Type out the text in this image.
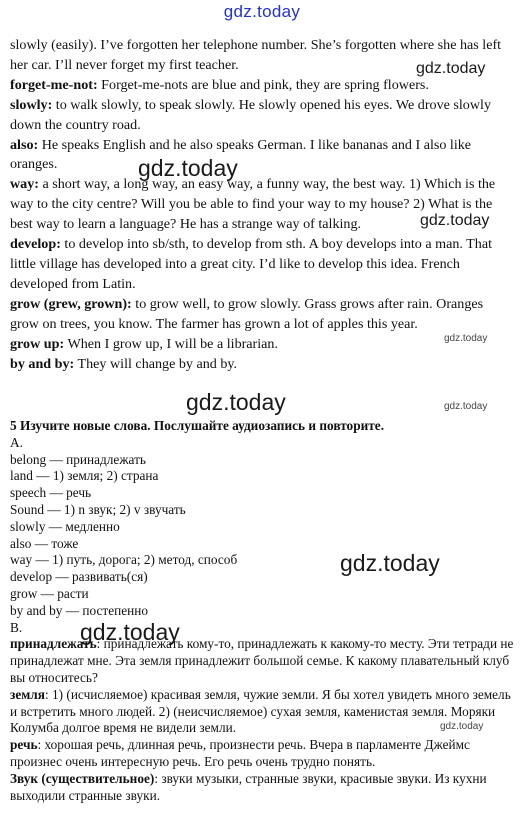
gdz.today
gdz.today
gdz.today
gdz.today
gdz.today
gdz.today	gdz.today
gdz.today
gdz.today
gdz.today

slowly (easily). I’ve forgotten her telephone number. She’s forgotten where she has left her car. I’ll never forget my first teacher.

forget-me-not: Forget-me-nots are blue and pink, they are spring flowers.

slowly: to walk slowly, to speak slowly. He slowly opened his eyes. We drove slowly down the country road.

also: He speaks English and he also speaks German. I like bananas and I also like oranges.

way: a short way, a long way, an easy way, a funny way, the best way. 1) Which is the way to the city centre? Will you be able to find your way to my house? 2) What is the best way to learn a language? He has a strange way of talking.

develop: to develop into sb/sth, to develop from sth. A boy develops into a man. That little village has developed into a great city. I’d like to develop this idea. French developed from Latin.

grow (grew, grown): to grow well, to grow slowly. Grass grows after rain. Oranges grow on trees, you know. The farmer has grown a lot of apples this year.

grow up: When I grow up, I will be a librarian.

by and by: They will change by and by.

5 Изучите новые слова. Послушайте аудиозапись и повторите.

A.

belong — принадлежать

land — 1) земля; 2) страна

speech — речь

Sound — 1) n звук; 2) v звучать

slowly — медленно

also — тоже

way — 1) путь, дорога; 2) метод, способ

develop — развивать(ся)

grow — расти

by and by — постепенно

B.

принадлежать: принадлежать кому-то, принадлежать к какому-то месту. Эти тетради не принадлежат мне. Эта земля принадлежит большой семье. К какому плавательный клуб вы относитесь?

земля: 1) (исчисляемое) красивая земля, чужие земли. Я бы хотел увидеть много земель и встретить много людей. 2) (неисчисляемое) сухая земля, каменистая земля. Моряки Колумба долгое время не видели земли.

речь: хорошая речь, длинная речь, произнести речь. Вчера в парламенте Джеймс произнес очень интересную речь. Его речь очень трудно понять.

Звук (существительное): звуки музыки, странные звуки, красивые звуки. Из кухни выходили странные звуки.
